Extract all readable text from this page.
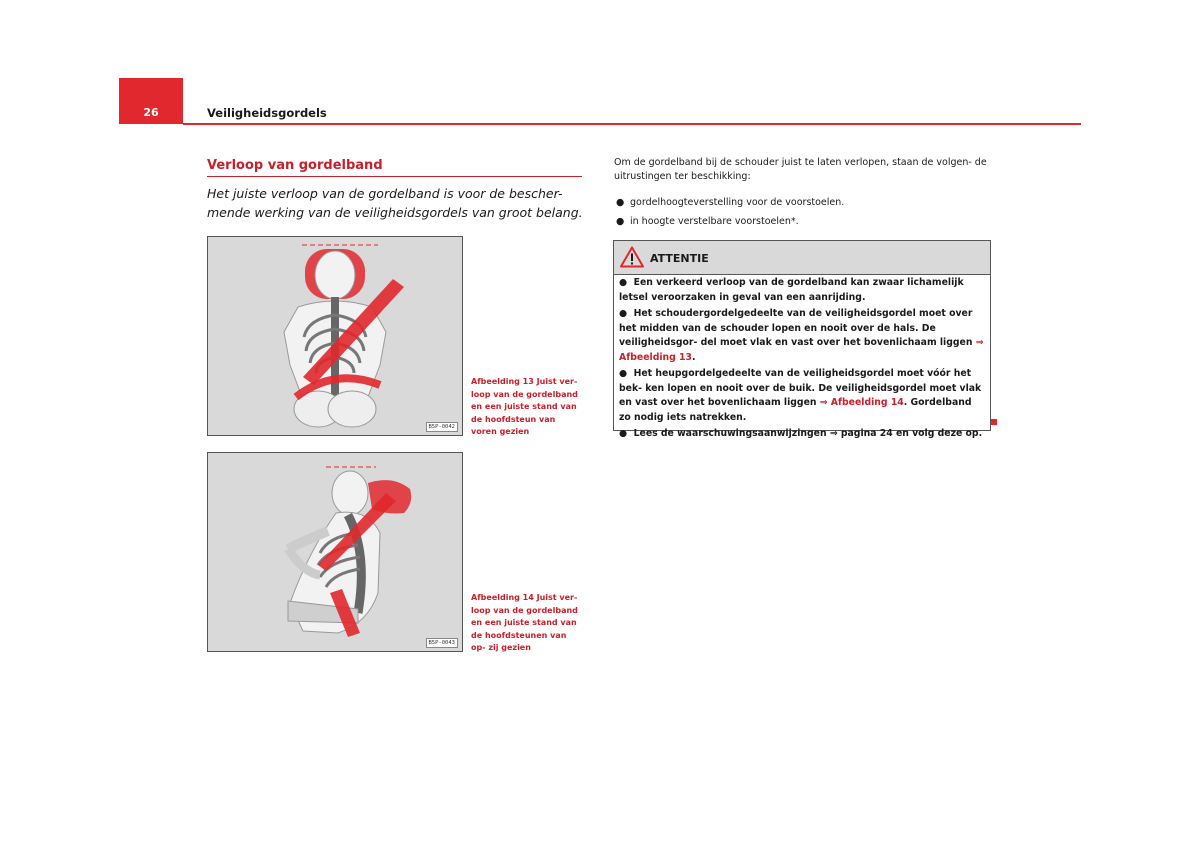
26	Veiligheidsgordels
Verloop van gordelband
Het juiste verloop van de gordelband is voor de bescher- mende werking van de veiligheidsgordels van groot belang.
B5P-0042
Afbeelding 13 Juist ver- loop van de gordelband en een juiste stand van de hoofdsteun van voren gezien
B5P-0043
Afbeelding 14 Juist ver- loop van de gordelband en een juiste stand van de hoofdsteunen van op- zij gezien
Om de gordelband bij de schouder juist te laten verlopen, staan de volgen- de uitrustingen ter beschikking:
● gordelhoogteverstelling voor de voorstoelen.
● in hoogte verstelbare voorstoelen*.
ATTENTIE

●  Een verkeerd verloop van de gordelband kan zwaar lichamelijk letsel veroorzaken in geval van een aanrijding.

●  Het schoudergordelgedeelte van de veiligheidsgordel moet over het midden van de schouder lopen en nooit over de hals. De veiligheidsgor- del moet vlak en vast over het bovenlichaam liggen ⇒ Afbeelding 13.

●  Het heupgordelgedeelte van de veiligheidsgordel moet vóór het bek- ken lopen en nooit over de buik. De veiligheidsgordel moet vlak en vast over het bovenlichaam liggen ⇒ Afbeelding 14. Gordelband zo nodig iets natrekken.

●  Lees de waarschuwingsaanwijzingen ⇒ pagina 24 en volg deze op.
